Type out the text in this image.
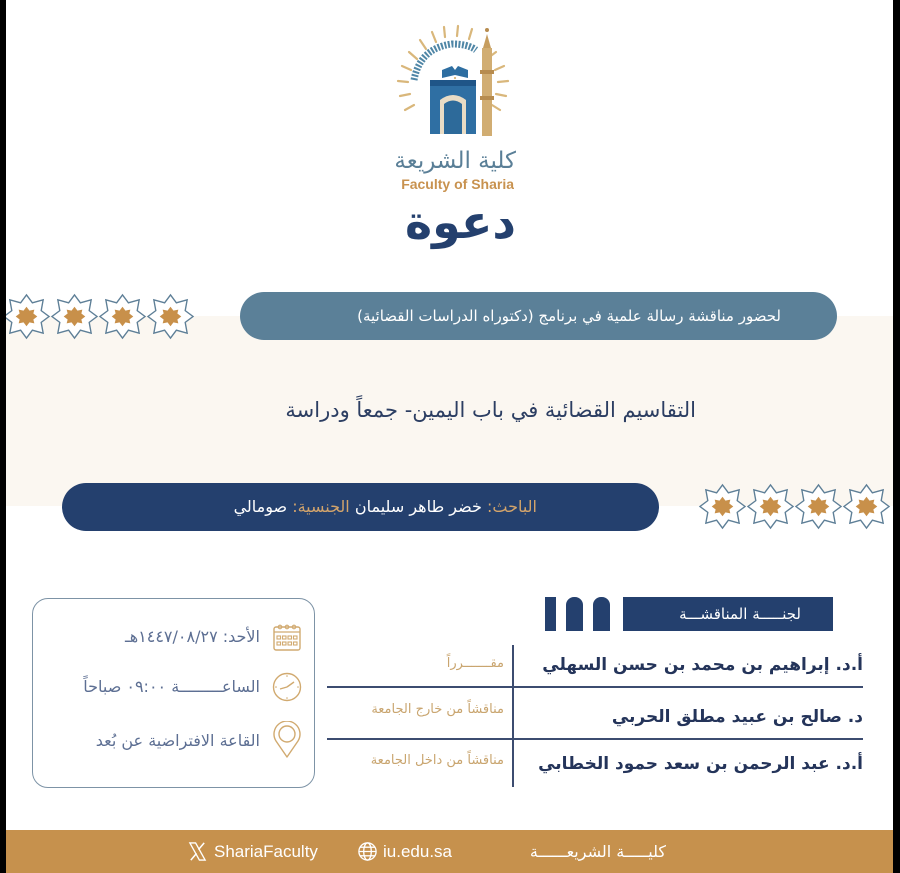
كلية الشريعة
Faculty of Sharia
دعوة
لحضور مناقشة رسالة علمية في برنامج (دكتوراه الدراسات القضائية)
التقاسيم القضائية في باب اليمين- جمعاً ودراسة
الباحث: خضر طاهر سليمان الجنسية: صومالي
الأحد: ١٤٤٧/٠٨/٢٧هـ
الساعـــــــــة ٠٩:٠٠ صباحاً
القاعة الافتراضية عن بُعد
لجنـــــة المناقشـــة
أ.د. إبراهيم بن محمد بن حسن السهلي
مقـــــــرراً
د. صالح بن عبيد مطلق الحربي
مناقشاً من خارج الجامعة
أ.د. عبد الرحمن بن سعد حمود الخطابي
مناقشاً من داخل الجامعة
كليـــــة الشريعــــــة
iu.edu.sa
ShariaFaculty
